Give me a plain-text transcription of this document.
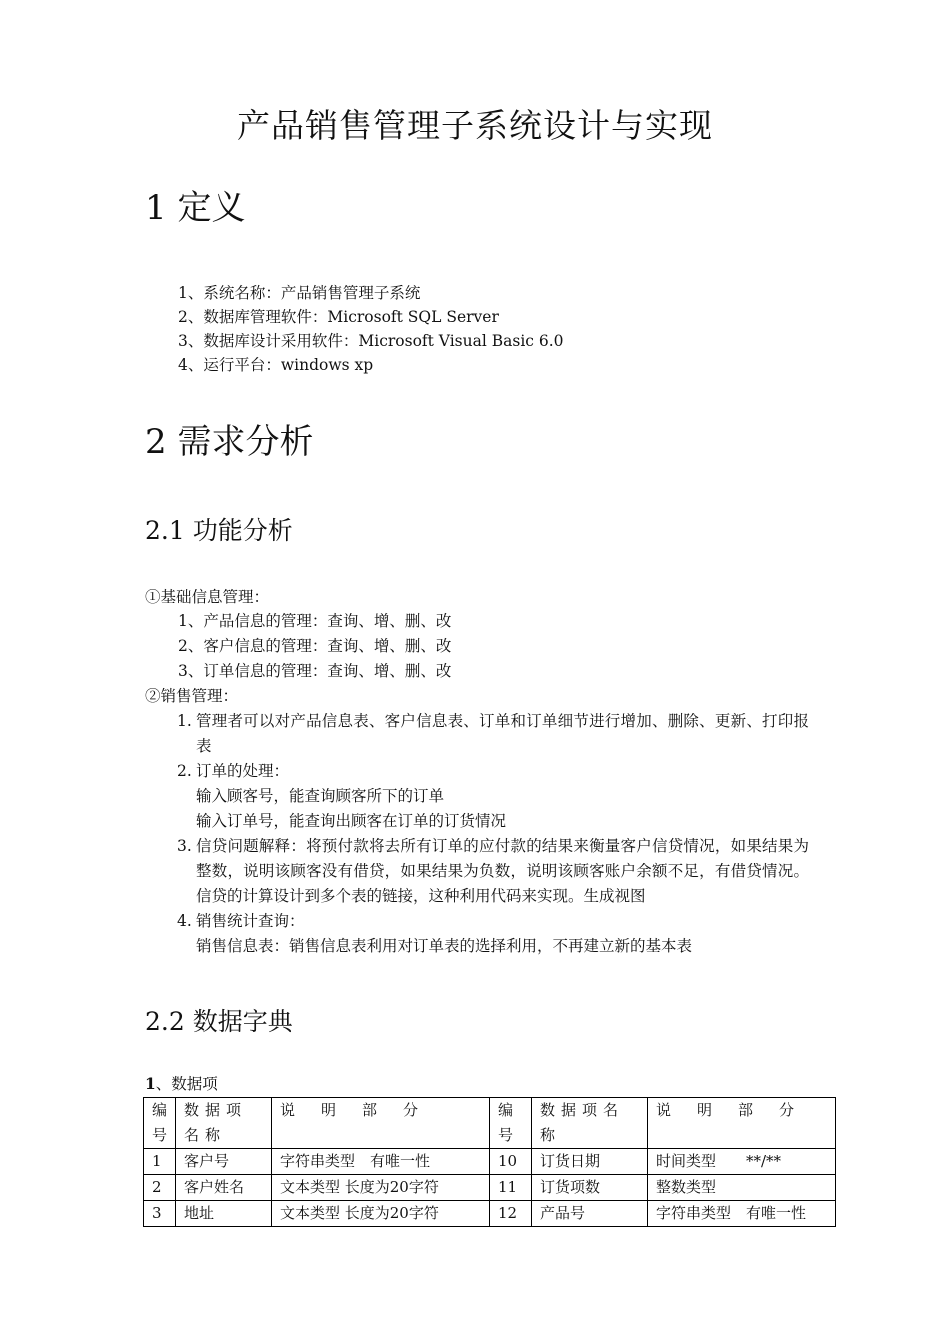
产品销售管理子系统设计与实现
1 定义
1、系统名称：产品销售管理子系统
2、数据库管理软件：Microsoft SQL Server
3、数据库设计采用软件：Microsoft Visual Basic 6.0
4、运行平台：windows xp
2 需求分析
2.1 功能分析
①基础信息管理：
1、产品信息的管理：查询、增、删、改
2、客户信息的管理：查询、增、删、改
3、订单信息的管理：查询、增、删、改
②销售管理：
1. 管理者可以对产品信息表、客户信息表、订单和订单细节进行增加、删除、更新、打印报表
2. 订单的处理：
输入顾客号，能查询顾客所下的订单
输入订单号，能查询出顾客在订单的订货情况
3. 信贷问题解释：将预付款将去所有订单的应付款的结果来衡量客户信贷情况，如果结果为整数，说明该顾客没有借贷，如果结果为负数，说明该顾客账户余额不足，有借贷情况。信贷的计算设计到多个表的链接，这种利用代码来实现。生成视图
4. 销售统计查询：
销售信息表：销售信息表利用对订单表的选择利用，不再建立新的基本表
2.2 数据字典
1、数据项
编号	数据项名称	说明部分	编号	数据项名称	说明部分
1	客户号	字符串类型　有唯一性	10	订货日期	时间类型　　**/**
2	客户姓名	文本类型 长度为20字符	11	订货项数	整数类型
3	地址	文本类型 长度为20字符	12	产品号	字符串类型　有唯一性
